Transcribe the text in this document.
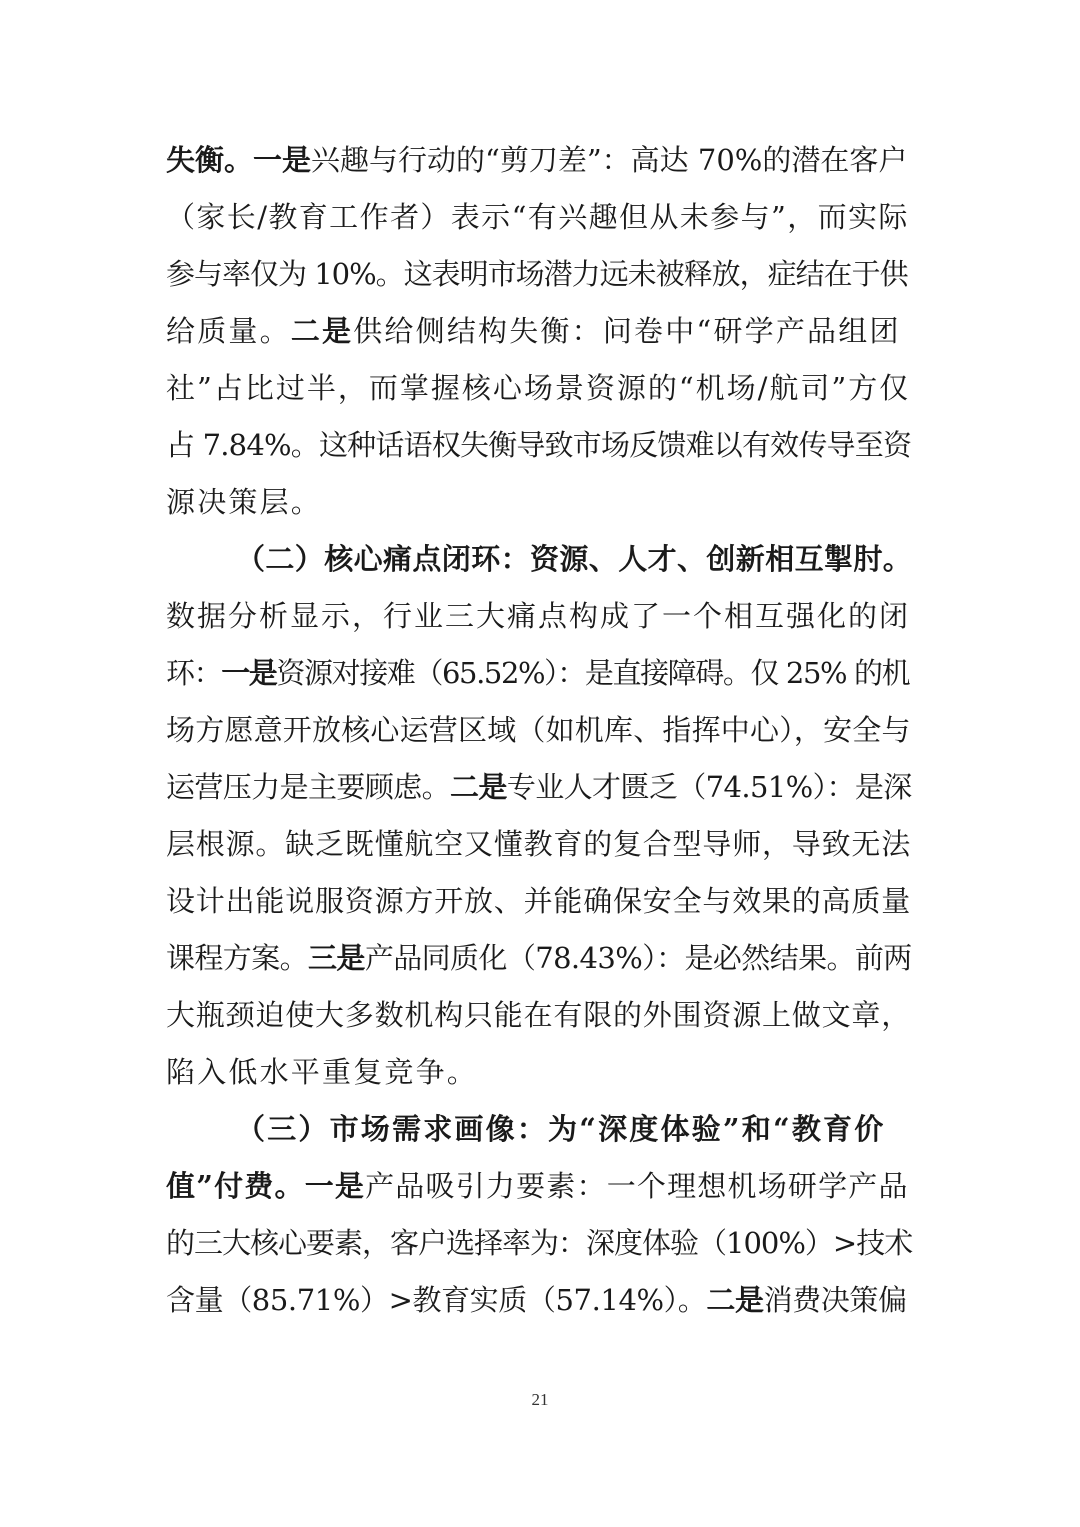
失衡。一是兴趣与行动的“剪刀差”：高达 70%的潜在客户
（家长/教育工作者）表示“有兴趣但从未参与”，而实际
参与率仅为 10%。这表明市场潜力远未被释放，症结在于供
给质量。二是供给侧结构失衡：问卷中“研学产品组团
社”占比过半，而掌握核心场景资源的“机场/航司”方仅
占 7.84%。这种话语权失衡导致市场反馈难以有效传导至资
源决策层。
（二）核心痛点闭环：资源、人才、创新相互掣肘。
数据分析显示，行业三大痛点构成了一个相互强化的闭
环：一是资源对接难（65.52%）：是直接障碍。仅 25% 的机
场方愿意开放核心运营区域（如机库、指挥中心），安全与
运营压力是主要顾虑。二是专业人才匮乏（74.51%）：是深
层根源。缺乏既懂航空又懂教育的复合型导师，导致无法
设计出能说服资源方开放、并能确保安全与效果的高质量
课程方案。三是产品同质化（78.43%）：是必然结果。前两
大瓶颈迫使大多数机构只能在有限的外围资源上做文章，
陷入低水平重复竞争。
（三）市场需求画像：为“深度体验”和“教育价
值”付费。一是产品吸引力要素：一个理想机场研学产品
的三大核心要素，客户选择率为：深度体验（100%）>技术
含量（85.71%）>教育实质（57.14%）。二是消费决策偏
21
